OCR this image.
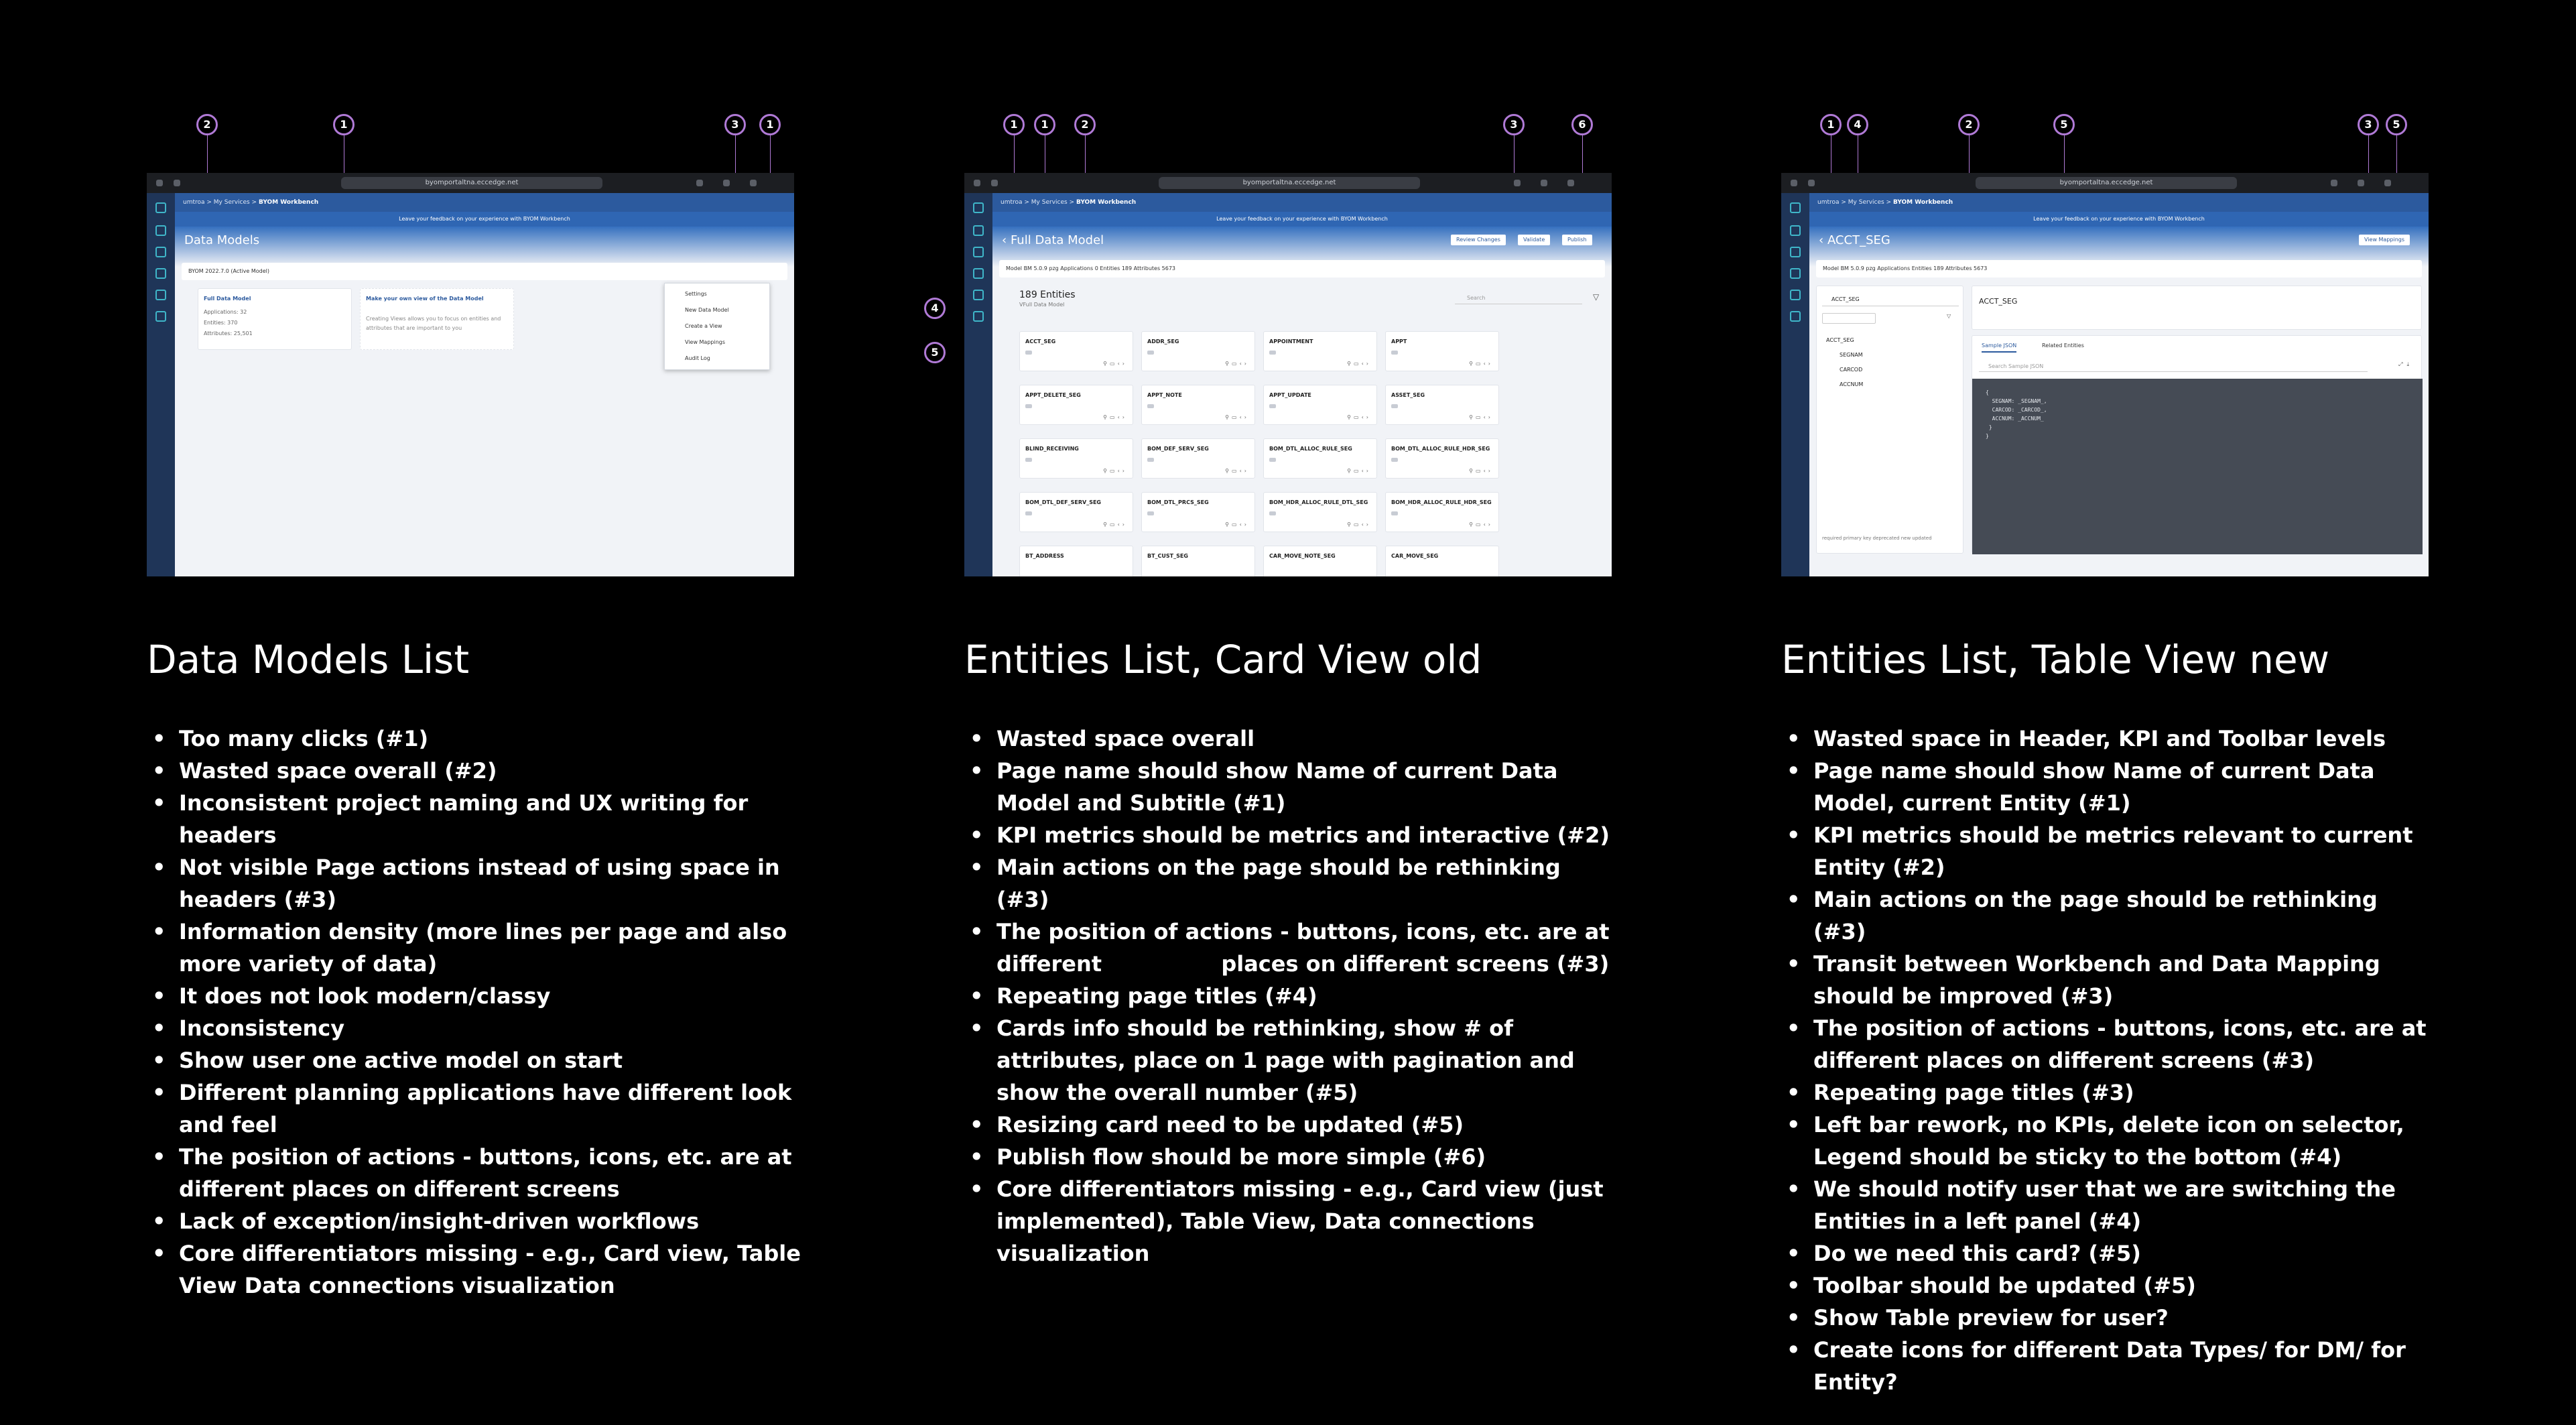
2	1	3	1
byomportaltna.eccedge.net
umtroa > My Services > BYOM Workbench
Leave your feedback on your experience with BYOM Workbench
Data Models
BYOM 2022.7.0 (Active Model)
Full Data Model
Applications: 32
Entities: 370
Attributes: 25,501
Make your own view of the Data Model
Creating Views allows you to focus on entities and
attributes that are important to you
Settings
New Data Model
Create a View
View Mappings
Audit Log
Data Models List
• Too many clicks (#1)
• Wasted space overall (#2)
• Inconsistent project naming and UX writing for headers
• Not visible Page actions instead of using space in headers (#3)
• Information density (more lines per page and also more variety of data)
• It does not look modern/classy
• Inconsistency
• Show user one active model on start
• Different planning applications have different look and feel
• The position of actions - buttons, icons, etc. are at different places on different screens
• Lack of exception/insight-driven workflows
• Core differentiators missing - e.g., Card view, Table View Data connections visualization
1	1	2	3	6
4
5
byomportaltna.eccedge.net
umtroa > My Services > BYOM Workbench
Leave your feedback on your experience with BYOM Workbench
‹ Full Data Model	Review Changes	Validate	Publish
Model BM 5.0.9 pzg Applications 0 Entities 189 Attributes 5673
189 Entities
VFull Data Model
Search	▽
ACCT_SEG
⚲▭‹›
ADDR_SEG
⚲▭‹›
APPOINTMENT
⚲▭‹›
APPT
⚲▭‹›
APPT_DELETE_SEG
⚲▭‹›
APPT_NOTE
⚲▭‹›
APPT_UPDATE
⚲▭‹›
ASSET_SEG
⚲▭‹›
BLIND_RECEIVING
⚲▭‹›
BOM_DEF_SERV_SEG
⚲▭‹›
BOM_DTL_ALLOC_RULE_SEG
⚲▭‹›
BOM_DTL_ALLOC_RULE_HDR_SEG
⚲▭‹›
BOM_DTL_DEF_SERV_SEG
⚲▭‹›
BOM_DTL_PRCS_SEG
⚲▭‹›
BOM_HDR_ALLOC_RULE_DTL_SEG
⚲▭‹›
BOM_HDR_ALLOC_RULE_HDR_SEG
⚲▭‹›
BT_ADDRESS	BT_CUST_SEG	CAR_MOVE_NOTE_SEG	CAR_MOVE_SEG
Entities List, Card View old
• Wasted space overall
• Page name should show Name of current Data Model and Subtitle (#1)
• KPI metrics should be metrics and interactive (#2)
• Main actions on the page should be rethinking (#3)
• The position of actions - buttons, icons, etc. are at different                places on different screens (#3)
• Repeating page titles (#4)
• Cards info should be rethinking, show # of attributes, place on 1 page with pagination and show the overall number (#5)
• Resizing card need to be updated (#5)
• Publish flow should be more simple (#6)
• Core differentiators missing - e.g., Card view (just implemented), Table View, Data connections visualization
1	4	2	5	3	5
byomportaltna.eccedge.net
umtroa > My Services > BYOM Workbench
Leave your feedback on your experience with BYOM Workbench
‹ ACCT_SEG	View Mappings
Model BM 5.0.9 pzg Applications Entities 189 Attributes 5673
ACCT_SEG
▽
ACCT_SEG
SEGNAM
CARCOD
ACCNUM
required primary key deprecated new updated
ACCT_SEG
Sample JSON	Related Entities
Search Sample JSON	⤢⤓
{
SEGNAM: _SEGNAM_,
CARCOD: _CARCOD_,
ACCNUM: _ACCNUM_
}
}
Entities List, Table View new
• Wasted space in Header, KPI and Toolbar levels
• Page name should show Name of current Data Model, current Entity (#1)
• KPI metrics should be metrics relevant to current Entity (#2)
• Main actions on the page should be rethinking (#3)
• Transit between Workbench and Data Mapping should be improved (#3)
• The position of actions - buttons, icons, etc. are at different places on different screens (#3)
• Repeating page titles (#3)
• Left bar rework, no KPIs, delete icon on selector, Legend should be sticky to the bottom (#4)
• We should notify user that we are switching the Entities in a left panel (#4)
• Do we need this card? (#5)
• Toolbar should be updated (#5)
• Show Table preview for user?
• Create icons for different Data Types/ for DM/ for Entity?
